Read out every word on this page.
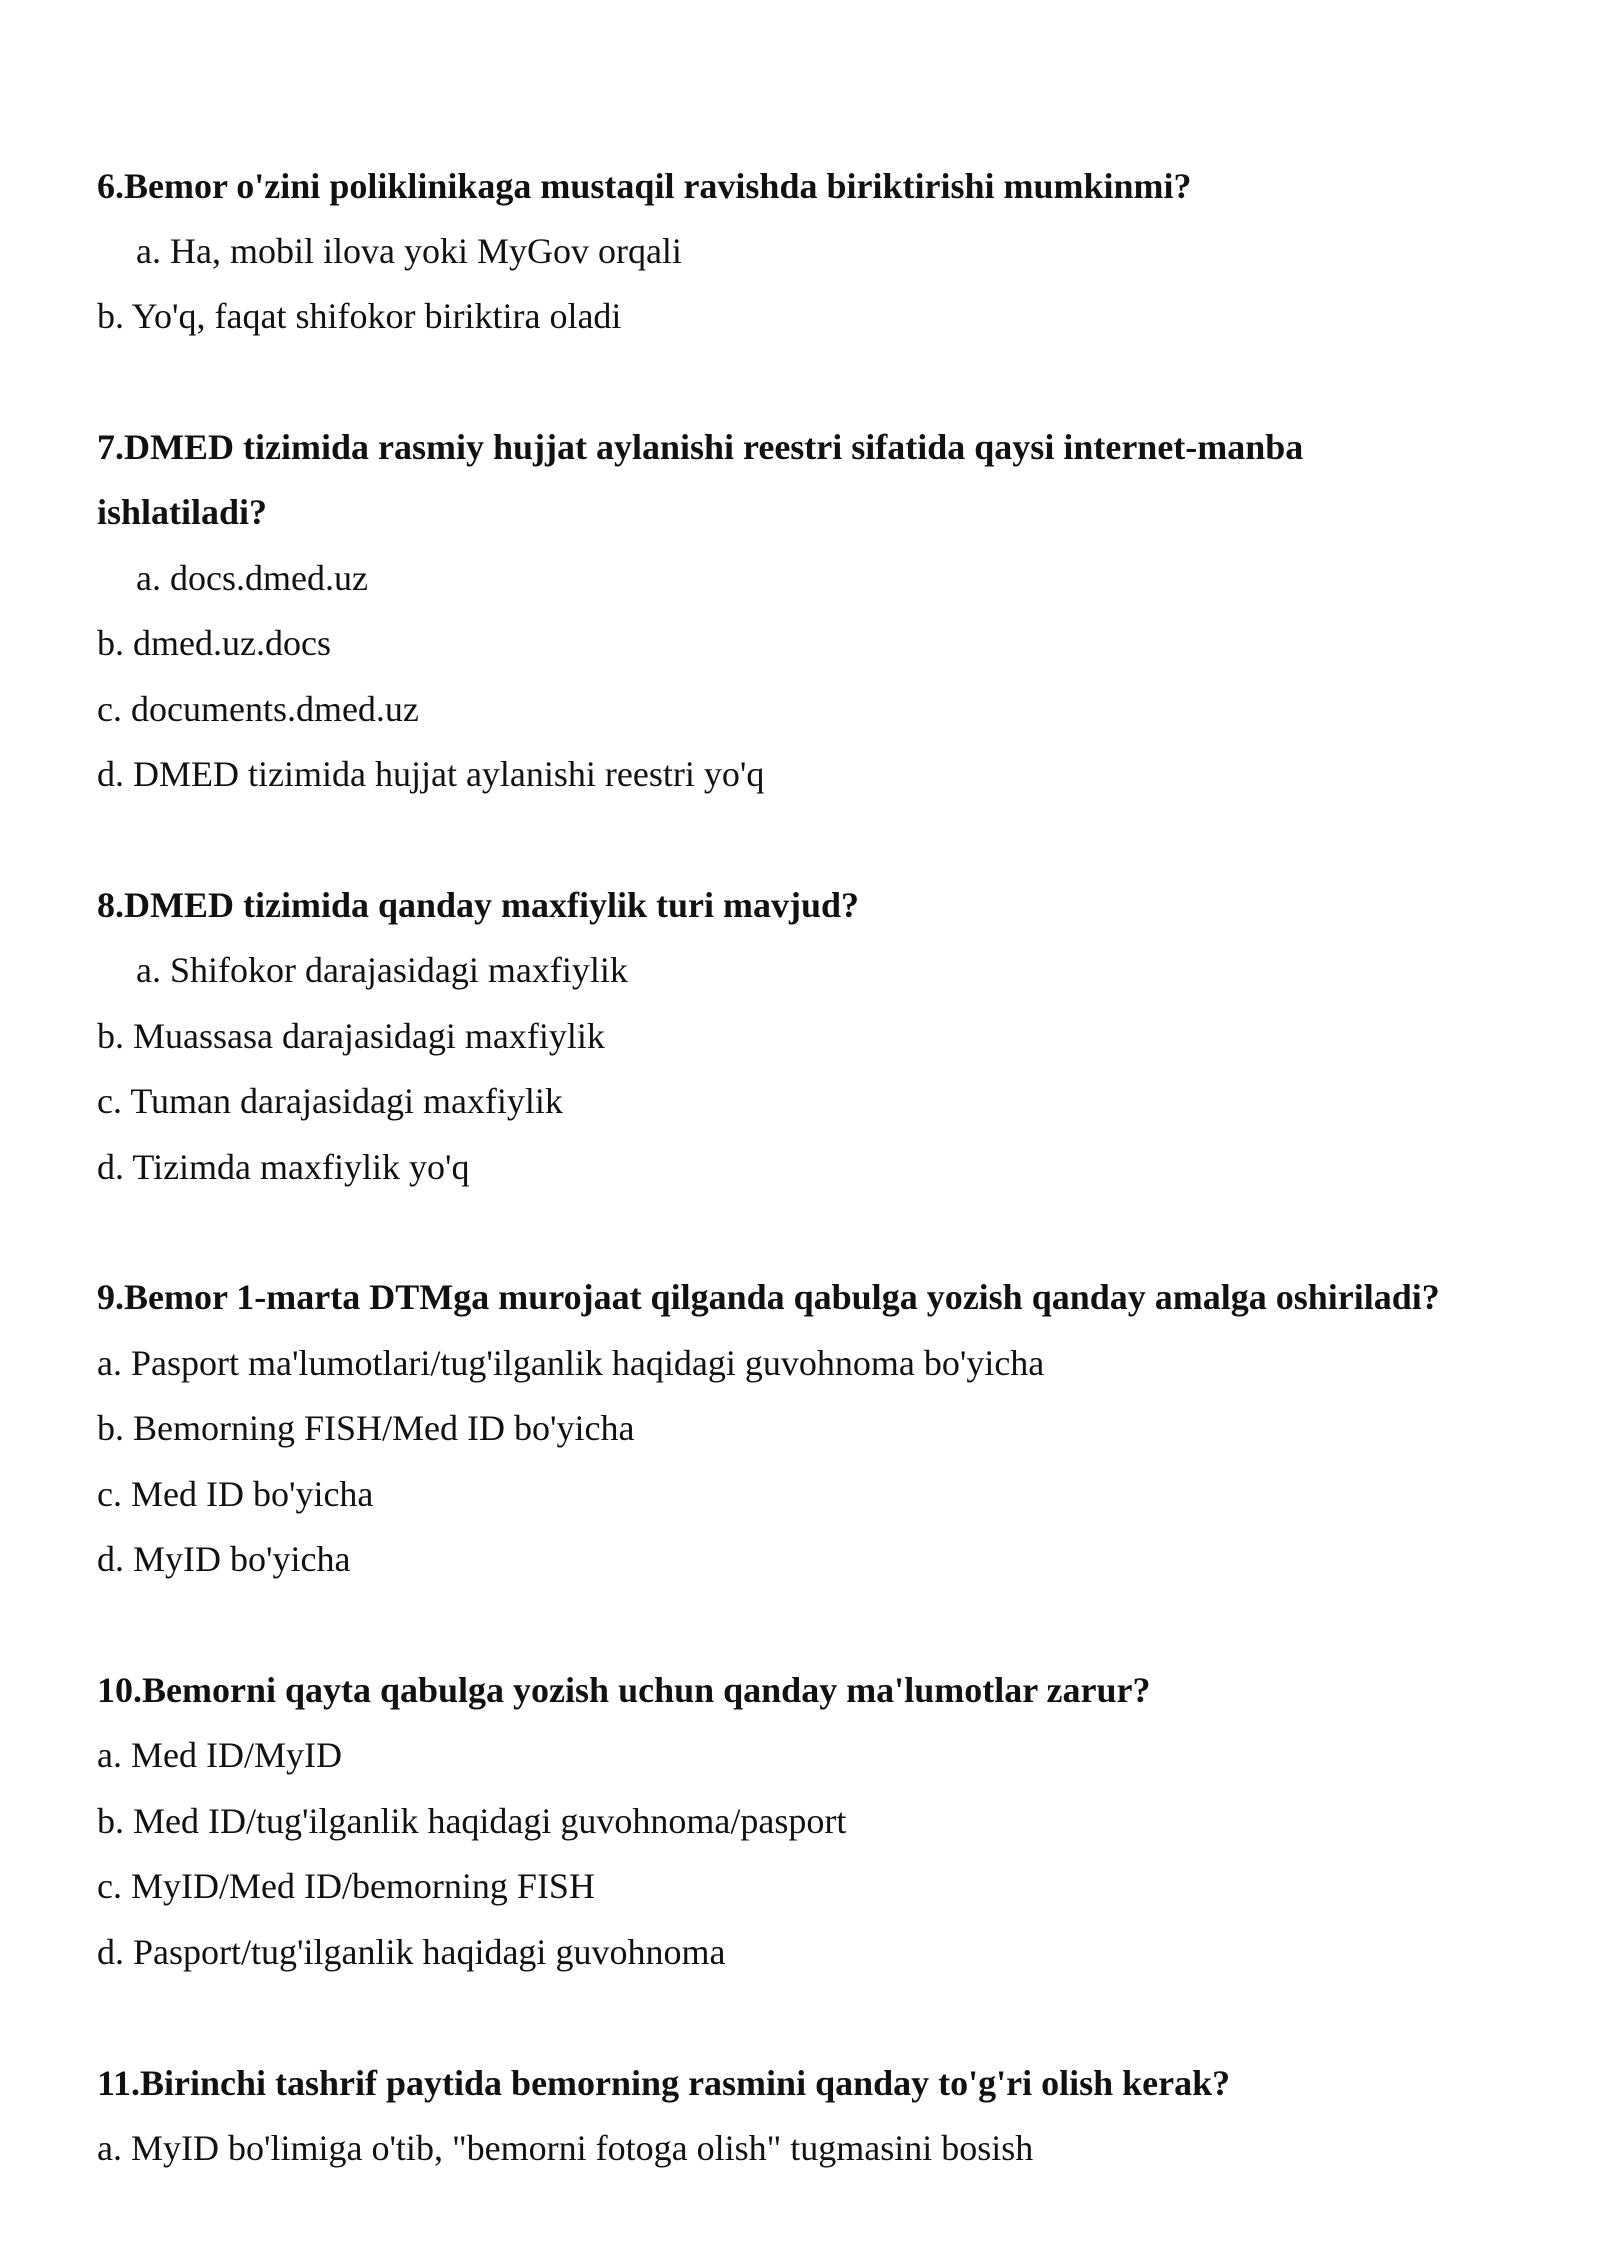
6.Bemor o'zini poliklinikaga mustaqil ravishda biriktirishi mumkinmi?
a. Ha, mobil ilova yoki MyGov orqali
b. Yo'q, faqat shifokor biriktira oladi
7.DMED tizimida rasmiy hujjat aylanishi reestri sifatida qaysi internet-manba
ishlatiladi?
a. docs.dmed.uz
b. dmed.uz.docs
c. documents.dmed.uz
d. DMED tizimida hujjat aylanishi reestri yo'q
8.DMED tizimida qanday maxfiylik turi mavjud?
a. Shifokor darajasidagi maxfiylik
b. Muassasa darajasidagi maxfiylik
c. Tuman darajasidagi maxfiylik
d. Tizimda maxfiylik yo'q
9.Bemor 1-marta DTMga murojaat qilganda qabulga yozish qanday amalga oshiriladi?
a. Pasport ma'lumotlari/tug'ilganlik haqidagi guvohnoma bo'yicha
b. Bemorning FISH/Med ID bo'yicha
c. Med ID bo'yicha
d. MyID bo'yicha
10.Bemorni qayta qabulga yozish uchun qanday ma'lumotlar zarur?
a. Med ID/MyID
b. Med ID/tug'ilganlik haqidagi guvohnoma/pasport
c. MyID/Med ID/bemorning FISH
d. Pasport/tug'ilganlik haqidagi guvohnoma
11.Birinchi tashrif paytida bemorning rasmini qanday to'g'ri olish kerak?
a. MyID bo'limiga o'tib, "bemorni fotoga olish" tugmasini bosish
